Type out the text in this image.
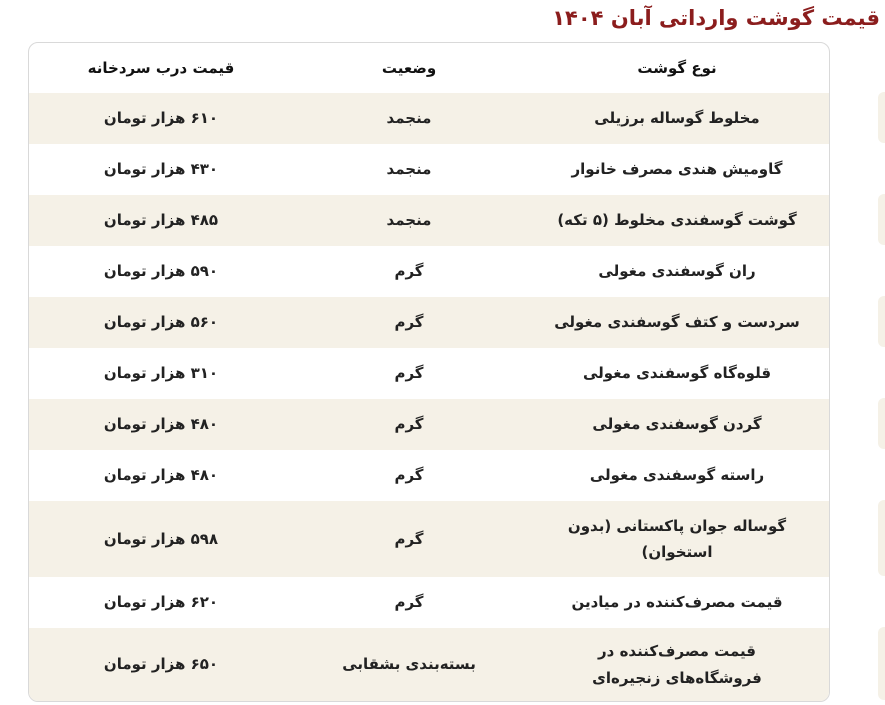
قیمت گوشت وارداتی آبان ۱۴۰۴
نوع گوشت
وضعیت
قیمت درب سردخانه
مخلوط گوساله برزیلی
منجمد
۶۱۰ هزار تومان
گاومیش هندی مصرف خانوار
منجمد
۴۳۰ هزار تومان
گوشت گوسفندی مخلوط (۵ تکه)
منجمد
۴۸۵ هزار تومان
ران گوسفندی مغولی
گرم
۵۹۰ هزار تومان
سردست و کتف گوسفندی مغولی
گرم
۵۶۰ هزار تومان
قلوه‌گاه گوسفندی مغولی
گرم
۳۱۰ هزار تومان
گردن گوسفندی مغولی
گرم
۴۸۰ هزار تومان
راسته گوسفندی مغولی
گرم
۴۸۰ هزار تومان
گوساله جوان پاکستانی (بدون استخوان)
گرم
۵۹۸ هزار تومان
قیمت مصرف‌کننده در میادین
گرم
۶۲۰ هزار تومان
قیمت مصرف‌کننده در فروشگاه‌های زنجیره‌ای
بسته‌بندی بشقابی
۶۵۰ هزار تومان
